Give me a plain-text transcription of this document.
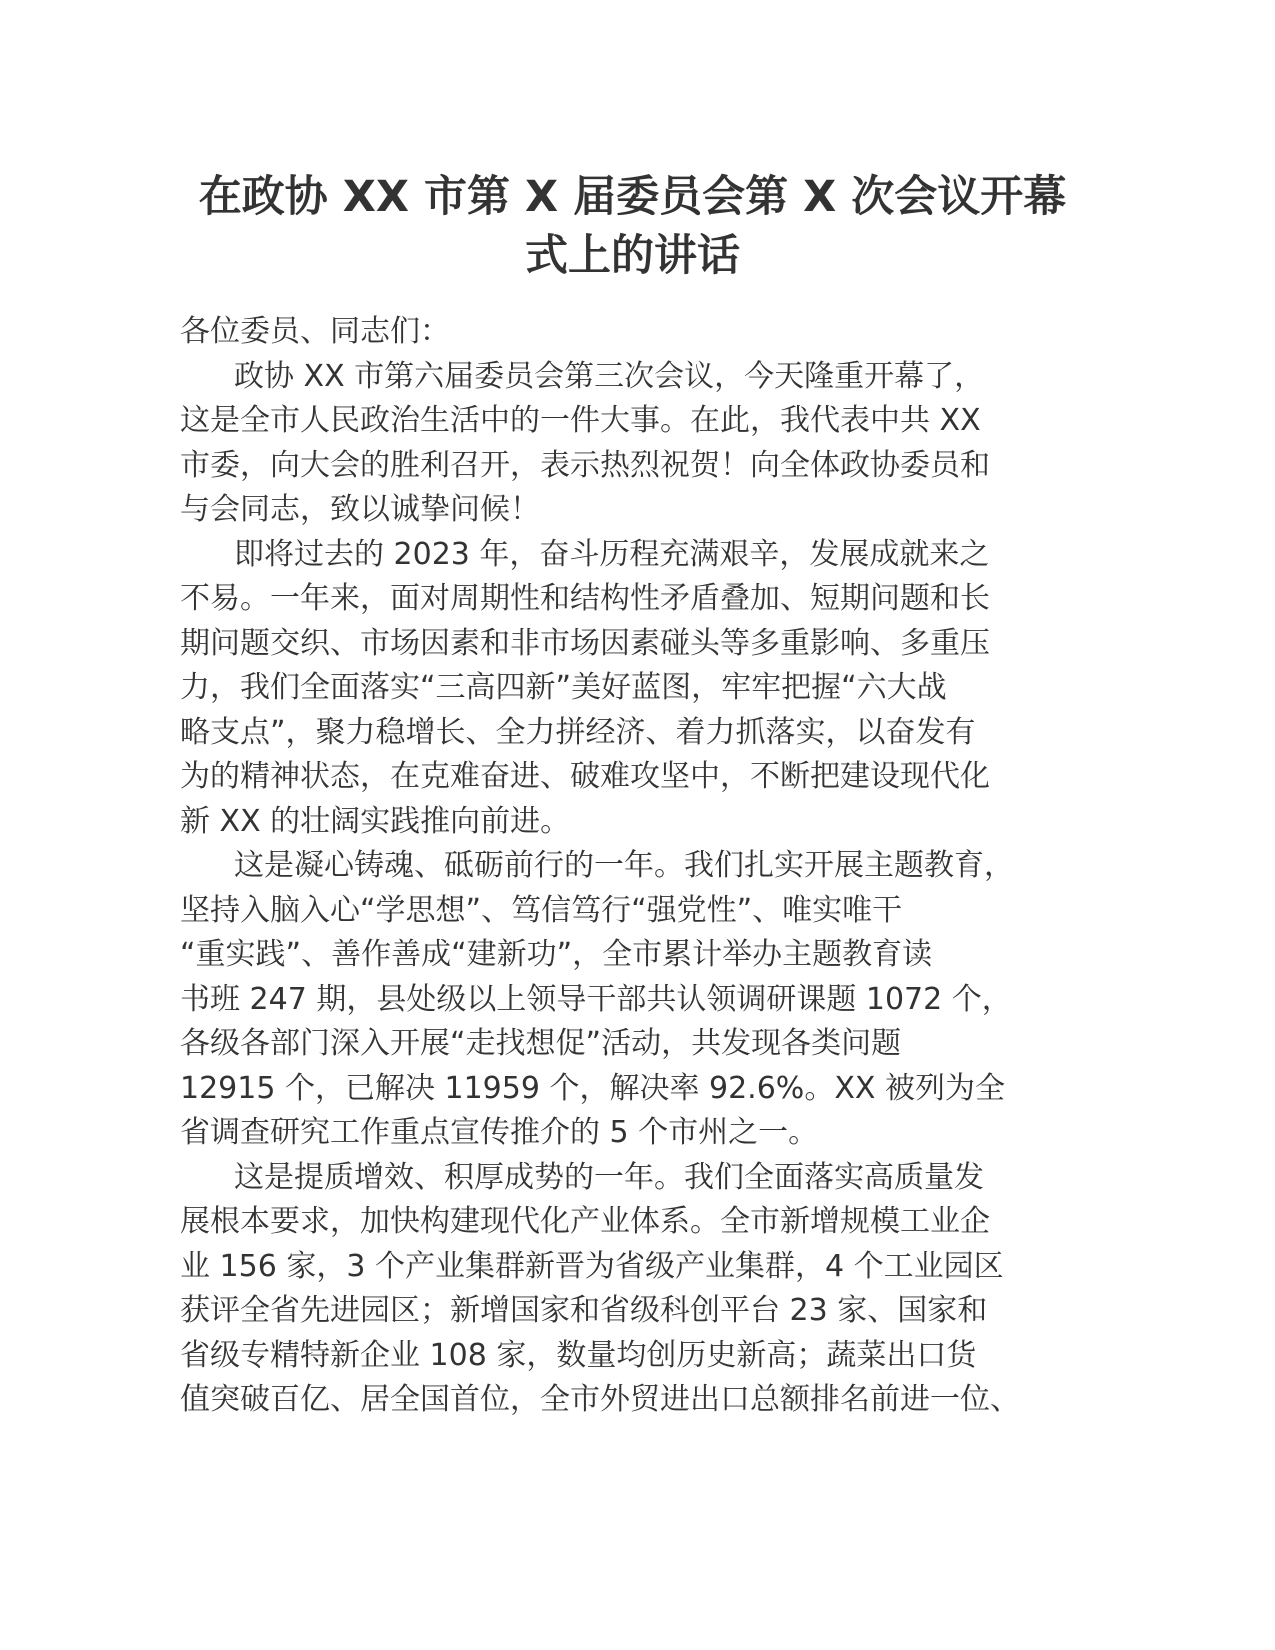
在政协 XX 市第 X 届委员会第 X 次会议开幕
式上的讲话

各位委员、同志们：

政协 XX 市第六届委员会第三次会议，今天隆重开幕了，
这是全市人民政治生活中的一件大事。在此，我代表中共 XX
市委，向大会的胜利召开，表示热烈祝贺！向全体政协委员和
与会同志，致以诚挚问候！

即将过去的 2023 年，奋斗历程充满艰辛，发展成就来之
不易。一年来，面对周期性和结构性矛盾叠加、短期问题和长
期问题交织、市场因素和非市场因素碰头等多重影响、多重压
力，我们全面落实“三高四新”美好蓝图，牢牢把握“六大战
略支点”，聚力稳增长、全力拼经济、着力抓落实，以奋发有
为的精神状态，在克难奋进、破难攻坚中，不断把建设现代化
新 XX 的壮阔实践推向前进。

这是凝心铸魂、砥砺前行的一年。我们扎实开展主题教育，
坚持入脑入心“学思想”、笃信笃行“强党性”、唯实唯干
“重实践”、善作善成“建新功”，全市累计举办主题教育读
书班 247 期，县处级以上领导干部共认领调研课题 1072 个，
各级各部门深入开展“走找想促”活动，共发现各类问题
12915 个，已解决 11959 个，解决率 92.6%。XX 被列为全
省调查研究工作重点宣传推介的 5 个市州之一。

这是提质增效、积厚成势的一年。我们全面落实高质量发
展根本要求，加快构建现代化产业体系。全市新增规模工业企
业 156 家，3 个产业集群新晋为省级产业集群，4 个工业园区
获评全省先进园区；新增国家和省级科创平台 23 家、国家和
省级专精特新企业 108 家，数量均创历史新高；蔬菜出口货
值突破百亿、居全国首位，全市外贸进出口总额排名前进一位、
